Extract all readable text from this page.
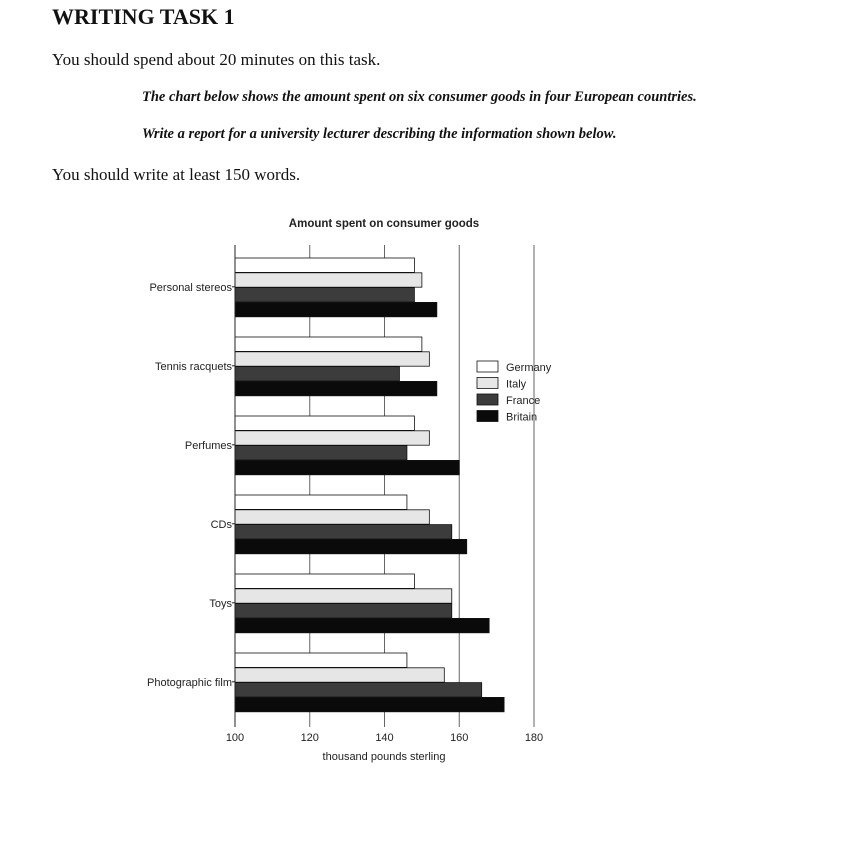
WRITING TASK 1

You should spend about 20 minutes on this task.

The chart below shows the amount spent on six consumer goods in four European countries.

Write a report for a university lecturer describing the information shown below.

You should write at least 150 words.

Amount spent on consumer goods
100	120	140	160	180
Personal stereos
Tennis racquets
Perfumes
CDs
Toys
Photographic film
thousand pounds sterling
Germany
Italy
France
Britain
